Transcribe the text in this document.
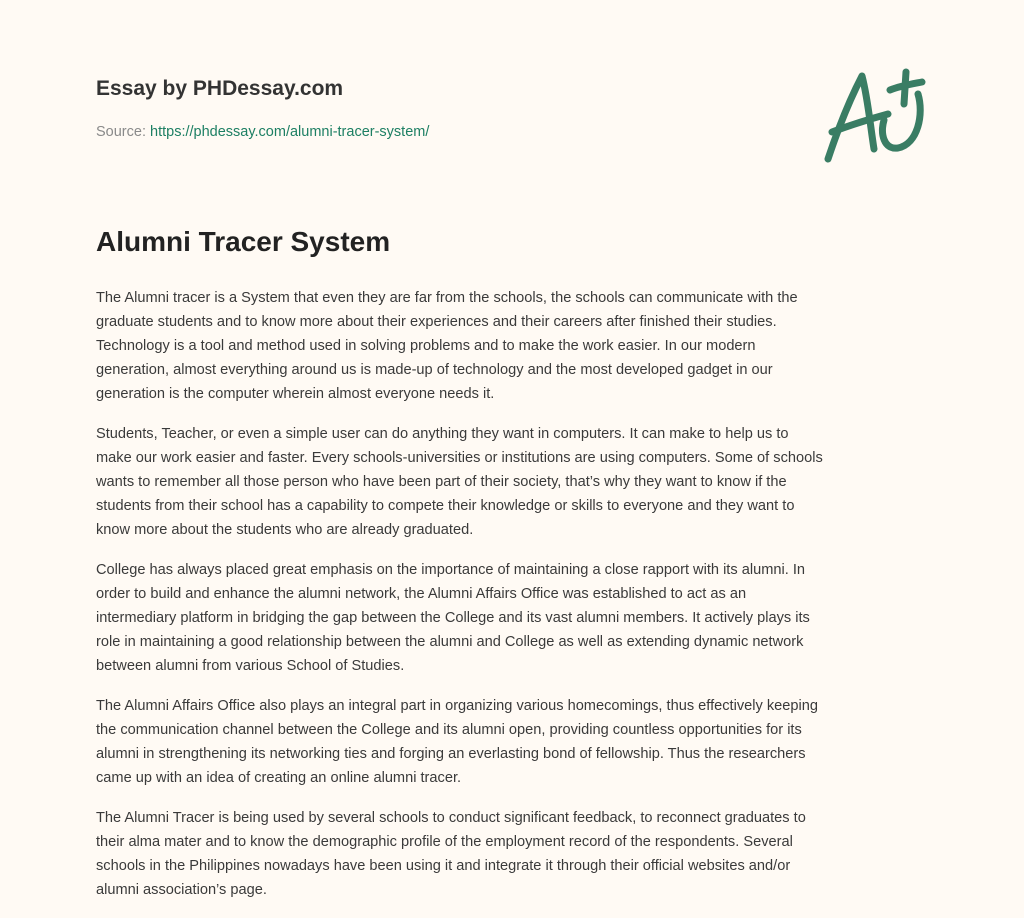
Essay by PHDessay.com
Source: https://phdessay.com/alumni-tracer-system/
Alumni Tracer System

The Alumni tracer is a System that even they are far from the schools, the schools can communicate with the
graduate students and to know more about their experiences and their careers after finished their studies.
Technology is a tool and method used in solving problems and to make the work easier. In our modern
generation, almost everything around us is made-up of technology and the most developed gadget in our
generation is the computer wherein almost everyone needs it.

Students, Teacher, or even a simple user can do anything they want in computers. It can make to help us to
make our work easier and faster. Every schools-universities or institutions are using computers. Some of schools
wants to remember all those person who have been part of their society, that’s why they want to know if the
students from their school has a capability to compete their knowledge or skills to everyone and they want to
know more about the students who are already graduated.

College has always placed great emphasis on the importance of maintaining a close rapport with its alumni. In
order to build and enhance the alumni network, the Alumni Affairs Office was established to act as an
intermediary platform in bridging the gap between the College and its vast alumni members. It actively plays its
role in maintaining a good relationship between the alumni and College as well as extending dynamic network
between alumni from various School of Studies.

The Alumni Affairs Office also plays an integral part in organizing various homecomings, thus effectively keeping
the communication channel between the College and its alumni open, providing countless opportunities for its
alumni in strengthening its networking ties and forging an everlasting bond of fellowship. Thus the researchers
came up with an idea of creating an online alumni tracer.

The Alumni Tracer is being used by several schools to conduct significant feedback, to reconnect graduates to
their alma mater and to know the demographic profile of the employment record of the respondents. Several
schools in the Philippines nowadays have been using it and integrate it through their official websites and/or
alumni association’s page.
